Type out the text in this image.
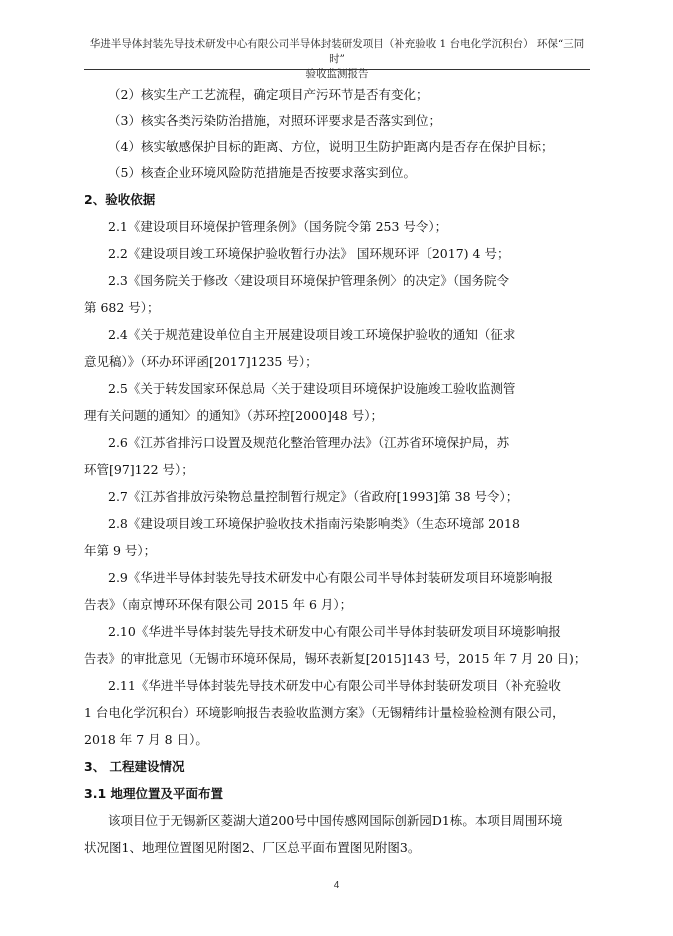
华进半导体封装先导技术研发中心有限公司半导体封装研发项目（补充验收 1 台电化学沉积台） 环保“三同时”
验收监测报告
（2）核实生产工艺流程，确定项目产污环节是否有变化；
（3）核实各类污染防治措施，对照环评要求是否落实到位；
（4）核实敏感保护目标的距离、方位，说明卫生防护距离内是否存在保护目标；
（5）核查企业环境风险防范措施是否按要求落实到位。
2、验收依据
2.1《建设项目环境保护管理条例》（国务院令第 253 号令）；
2.2《建设项目竣工环境保护验收暂行办法》 国环规环评〔2017) 4 号；
2.3《国务院关于修改〈建设项目环境保护管理条例〉的决定》（国务院令
第 682 号）；
2.4《关于规范建设单位自主开展建设项目竣工环境保护验收的通知（征求
意见稿）》（环办环评函[2017]1235 号）；
2.5《关于转发国家环保总局〈关于建设项目环境保护设施竣工验收监测管
理有关问题的通知〉的通知》（苏环控[2000]48 号）；
2.6《江苏省排污口设置及规范化整治管理办法》（江苏省环境保护局，苏
环管[97]122 号）；
2.7《江苏省排放污染物总量控制暂行规定》（省政府[1993]第 38 号令）；
2.8《建设项目竣工环境保护验收技术指南污染影响类》（生态环境部 2018
年第 9 号）；
2.9《华进半导体封装先导技术研发中心有限公司半导体封装研发项目环境影响报
告表》（南京博环环保有限公司 2015 年 6 月）；
2.10《华进半导体封装先导技术研发中心有限公司半导体封装研发项目环境影响报
告表》的审批意见（无锡市环境环保局，锡环表新复[2015]143 号，2015 年 7 月 20 日)；
2.11《华进半导体封装先导技术研发中心有限公司半导体封装研发项目（补充验收
1 台电化学沉积台）环境影响报告表验收监测方案》（无锡精纬计量检验检测有限公司，
2018 年 7 月 8 日）。
3、 工程建设情况
3.1 地理位置及平面布置
该项目位于无锡新区菱湖大道200号中国传感网国际创新园D1栋。本项目周围环境
状况图1、地理位置图见附图2、厂区总平面布置图见附图3。
4
